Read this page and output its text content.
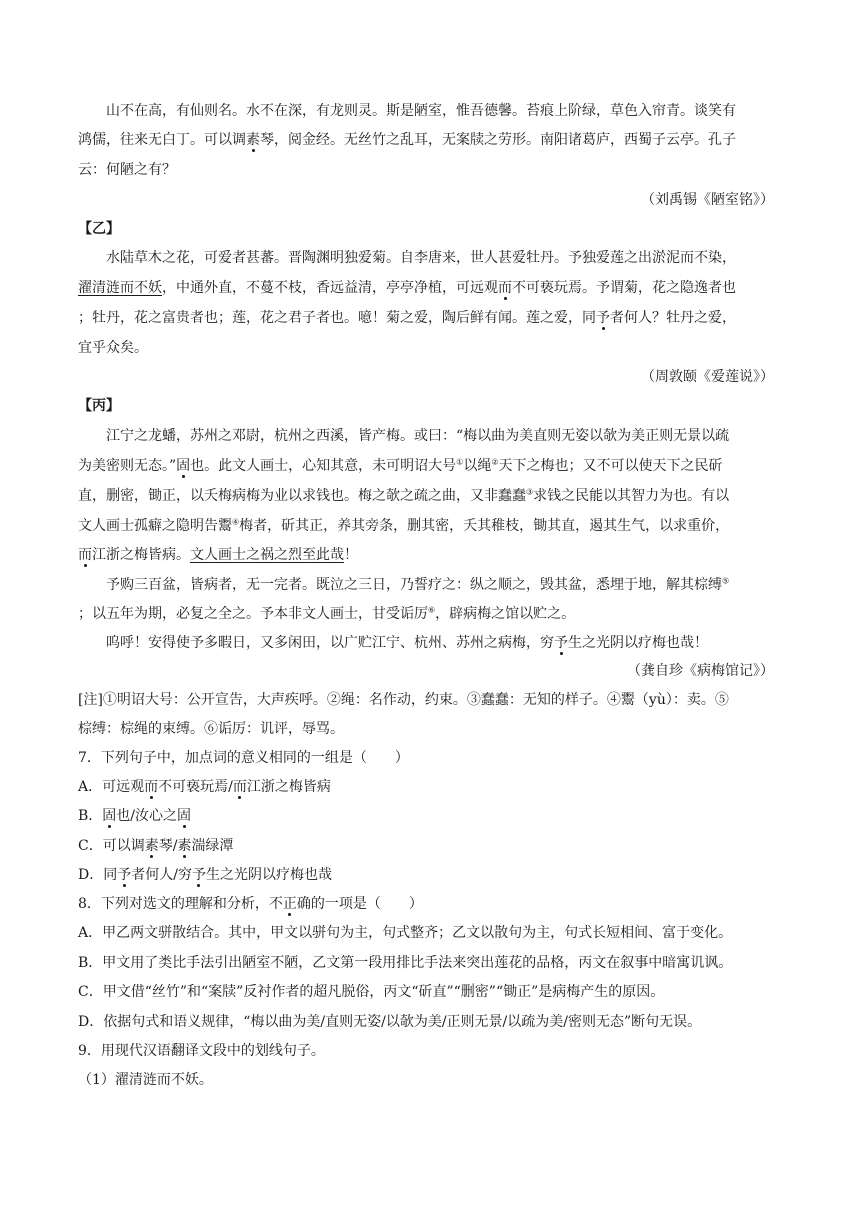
山不在高，有仙则名。水不在深，有龙则灵。斯是陋室，惟吾德馨。苔痕上阶绿，草色入帘青。谈笑有
鸿儒，往来无白丁。可以调素琴，阅金经。无丝竹之乱耳，无案牍之劳形。南阳诸葛庐，西蜀子云亭。孔子
云：何陋之有？
（刘禹锡《陋室铭》）
【乙】
水陆草木之花，可爱者甚蕃。晋陶渊明独爱菊。自李唐来，世人甚爱牡丹。予独爱莲之出淤泥而不染，
濯清涟而不妖，中通外直，不蔓不枝，香远益清，亭亭净植，可远观而不可亵玩焉。予谓菊，花之隐逸者也
；牡丹，花之富贵者也；莲，花之君子者也。噫！菊之爱，陶后鲜有闻。莲之爱，同予者何人？牡丹之爱，
宜乎众矣。
（周敦颐《爱莲说》）
【丙】
江宁之龙蟠，苏州之邓尉，杭州之西溪，皆产梅。或曰：“梅以曲为美直则无姿以欹为美正则无景以疏
为美密则无态。”固也。此文人画士，心知其意，未可明诏大号①以绳②天下之梅也；又不可以使天下之民斫
直，删密，锄正，以夭梅病梅为业以求钱也。梅之欹之疏之曲，又非蠢蠢③求钱之民能以其智力为也。有以
文人画士孤癖之隐明告鬻④梅者，斫其正，养其旁条，删其密，夭其稚枝，锄其直，遏其生气，以求重价，
而江浙之梅皆病。文人画士之祸之烈至此哉！
予购三百盆，皆病者，无一完者。既泣之三日，乃誓疗之：纵之顺之，毁其盆，悉埋于地，解其棕缚⑤
；以五年为期，必复之全之。予本非文人画士，甘受诟厉⑥，辟病梅之馆以贮之。
呜呼！安得使予多暇日，又多闲田，以广贮江宁、杭州、苏州之病梅，穷予生之光阴以疗梅也哉！
（龚自珍《病梅馆记》）
[注]①明诏大号：公开宣告，大声疾呼。②绳：名作动，约束。③蠢蠢：无知的样子。④鬻（yù）：卖。⑤
棕缚：棕绳的束缚。⑥诟厉：讥评，辱骂。
7．下列句子中，加点词的意义相同的一组是（　　）
A．可远观而不可亵玩焉/而江浙之梅皆病
B．固也/汝心之固
C．可以调素琴/素湍绿潭
D．同予者何人/穷予生之光阴以疗梅也哉
8．下列对选文的理解和分析，不正确的一项是（　　）
A．甲乙两文骈散结合。其中，甲文以骈句为主，句式整齐；乙文以散句为主，句式长短相间、富于变化。
B．甲文用了类比手法引出陋室不陋，乙文第一段用排比手法来突出莲花的品格，丙文在叙事中暗寓讥讽。
C．甲文借“丝竹”和“案牍”反衬作者的超凡脱俗，丙文“斫直”“删密”“锄正”是病梅产生的原因。
D．依据句式和语义规律，“梅以曲为美/直则无姿/以欹为美/正则无景/以疏为美/密则无态”断句无误。
9．用现代汉语翻译文段中的划线句子。
（1）濯清涟而不妖。
